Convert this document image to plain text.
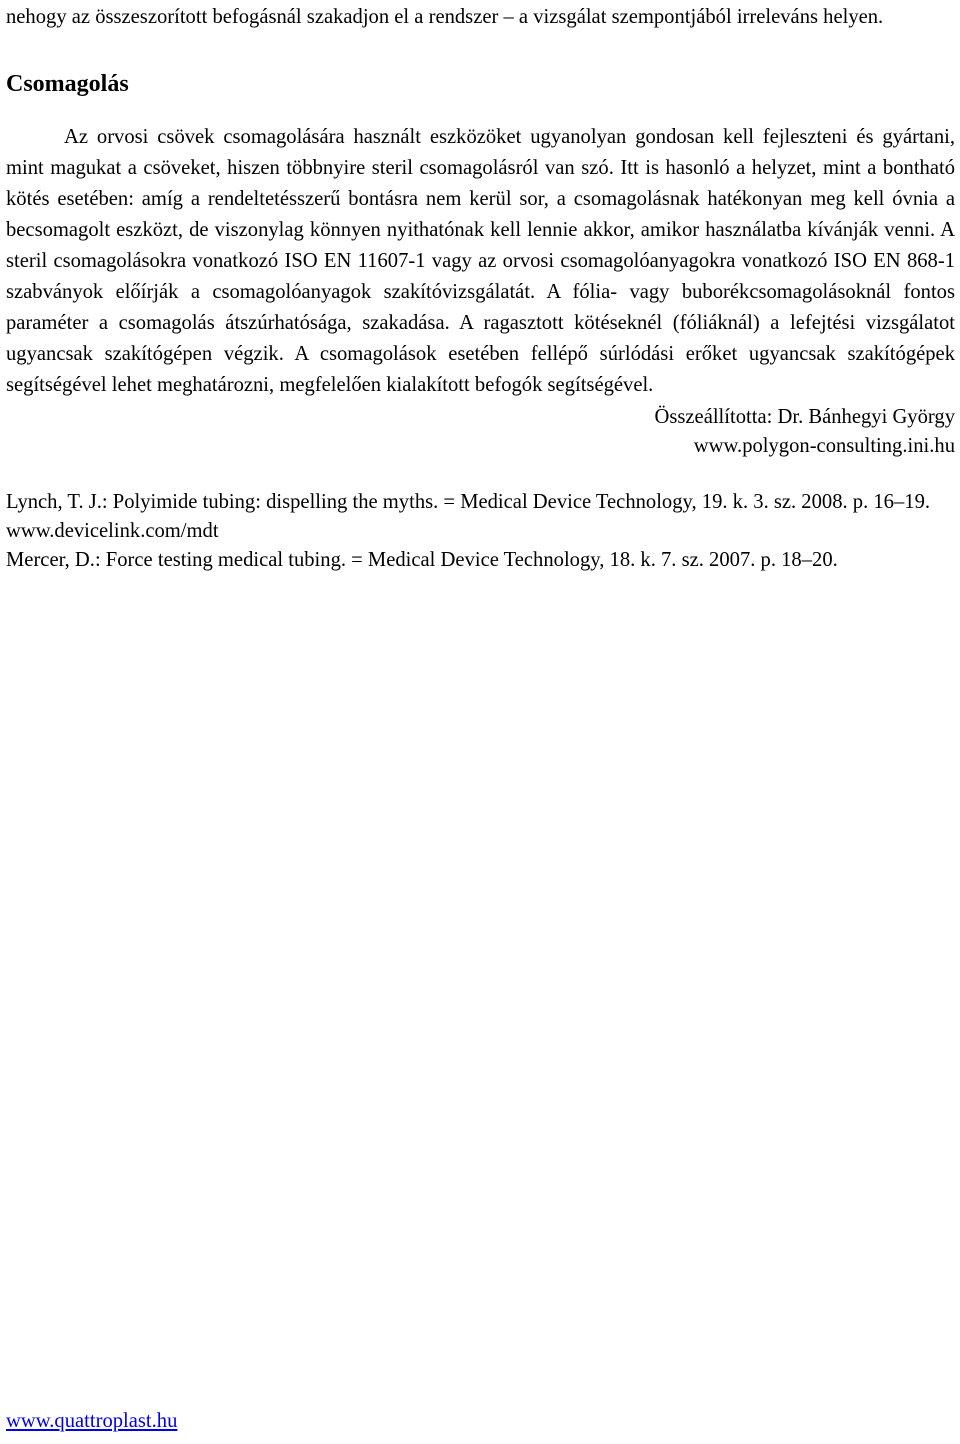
nehogy az összeszorított befogásnál szakadjon el a rendszer – a vizsgálat szempontjából irreleváns helyen.

Csomagolás

Az orvosi csövek csomagolására használt eszközöket ugyanolyan gondosan kell fejleszteni és gyártani, mint magukat a csöveket, hiszen többnyire steril csomagolásról van szó. Itt is hasonló a helyzet, mint a bontható kötés esetében: amíg a rendeltetésszerű bontásra nem kerül sor, a csomagolásnak hatékonyan meg kell óvnia a becsomagolt eszközt, de viszonylag könnyen nyithatónak kell lennie akkor, amikor használatba kívánják venni. A steril csomagolásokra vonatkozó ISO EN 11607-1 vagy az orvosi csomagolóanyagokra vonatkozó ISO EN 868-1 szabványok előírják a csomagolóanyagok szakítóvizsgálatát. A fólia- vagy buborékcsomagolásoknál fontos paraméter a csomagolás átszúrhatósága, szakadása. A ragasztott kötéseknél (fóliáknál) a lefejtési vizsgálatot ugyancsak szakítógépen végzik. A csomagolások esetében fellépő súrlódási erőket ugyancsak szakítógépek segítségével lehet meghatározni, megfelelően kialakított befogók segítségével.

Összeállította: Dr. Bánhegyi György
www.polygon-consulting.ini.hu

Lynch, T. J.: Polyimide tubing: dispelling the myths. = Medical Device Technology, 19. k. 3. sz. 2008. p. 16–19. www.devicelink.com/mdt

Mercer, D.: Force testing medical tubing. = Medical Device Technology, 18. k. 7. sz. 2007. p. 18–20.

www.quattroplast.hu
